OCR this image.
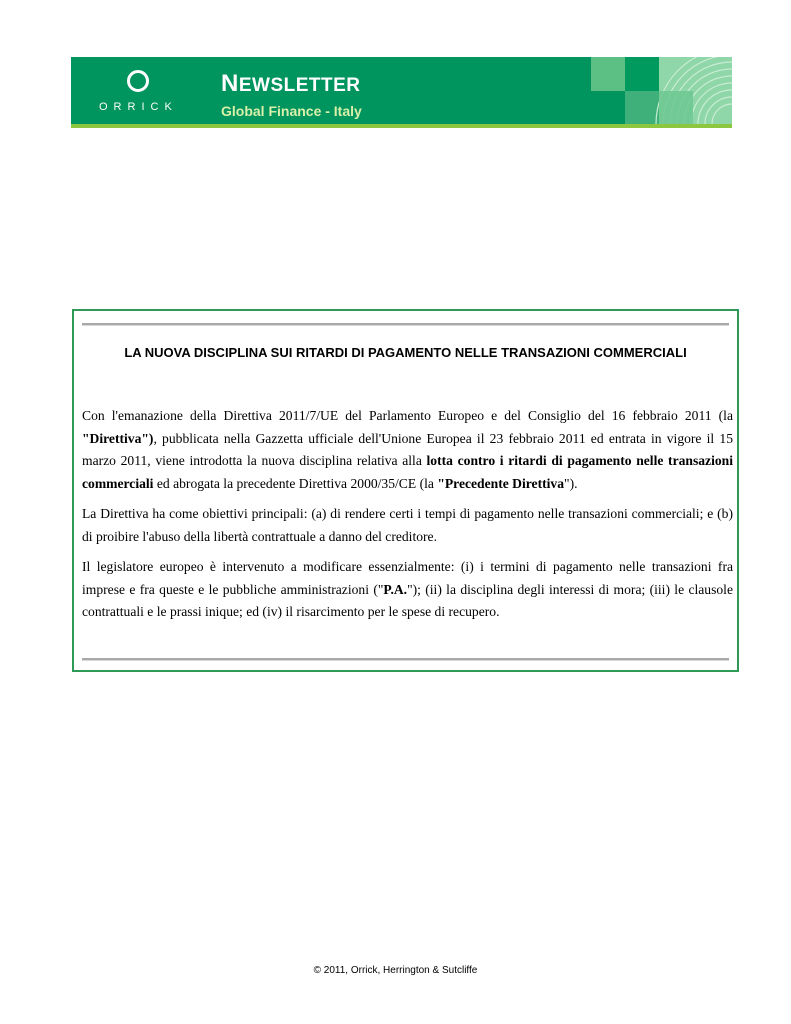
ORRICK
NEWSLETTER
Global Finance - Italy
LA NUOVA DISCIPLINA SUI RITARDI DI PAGAMENTO NELLE TRANSAZIONI COMMERCIALI

Con l'emanazione della Direttiva 2011/7/UE del Parlamento Europeo e del Consiglio del 16 febbraio 2011 (la "Direttiva"), pubblicata nella Gazzetta ufficiale dell'Unione Europea il 23 febbraio 2011 ed entrata in vigore il 15 marzo 2011, viene introdotta la nuova disciplina relativa alla lotta contro i ritardi di pagamento nelle transazioni commerciali ed abrogata la precedente Direttiva 2000/35/CE (la "Precedente Direttiva").

La Direttiva ha come obiettivi principali: (a) di rendere certi i tempi di pagamento nelle transazioni commerciali; e (b) di proibire l'abuso della libertà contrattuale a danno del creditore.

Il legislatore europeo è intervenuto a modificare essenzialmente: (i) i termini di pagamento nelle transazioni fra imprese e fra queste e le pubbliche amministrazioni ("P.A."); (ii) la disciplina degli interessi di mora; (iii) le clausole contrattuali e le prassi inique; ed (iv) il risarcimento per le spese di recupero.

© 2011, Orrick, Herrington & Sutcliffe
